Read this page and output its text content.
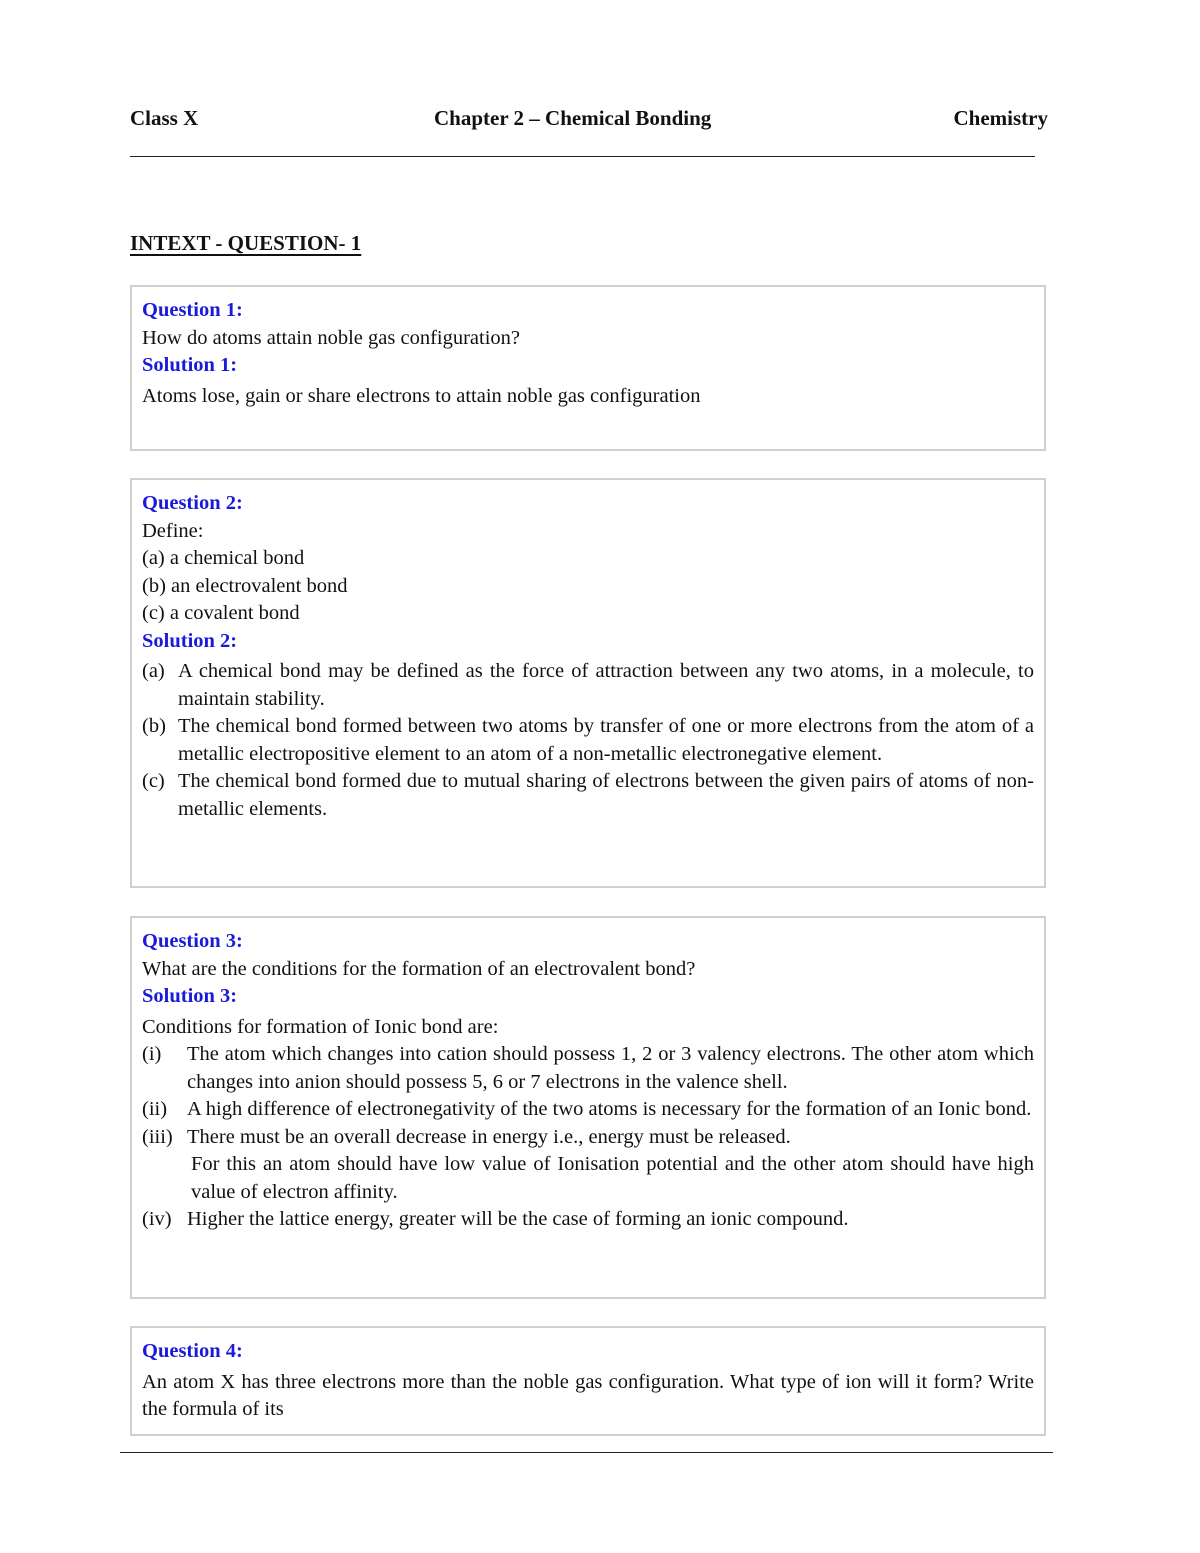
Class X	Chapter 2 – Chemical Bonding	Chemistry
INTEXT - QUESTION- 1
Question 1:
How do atoms attain noble gas configuration?
Solution 1:
Atoms lose, gain or share electrons to attain noble gas configuration
Question 2:
Define:
(a) a chemical bond
(b) an electrovalent bond
(c) a covalent bond
Solution 2:
(a) A chemical bond may be defined as the force of attraction between any two atoms, in a molecule, to maintain stability.
(b) The chemical bond formed between two atoms by transfer of one or more electrons from the atom of a metallic electropositive element to an atom of a non-metallic electronegative element.
(c) The chemical bond formed due to mutual sharing of electrons between the given pairs of atoms of non-metallic elements.
Question 3:
What are the conditions for the formation of an electrovalent bond?
Solution 3:
Conditions for formation of Ionic bond are:
(i) The atom which changes into cation should possess 1, 2 or 3 valency electrons. The other atom which changes into anion should possess 5, 6 or 7 electrons in the valence shell.
(ii) A high difference of electronegativity of the two atoms is necessary for the formation of an Ionic bond.
(iii) There must be an overall decrease in energy i.e., energy must be released.
For this an atom should have low value of Ionisation potential and the other atom should have high value of electron affinity.
(iv) Higher the lattice energy, greater will be the case of forming an ionic compound.
Question 4:
An atom X has three electrons more than the noble gas configuration. What type of ion will it form? Write the formula of its
